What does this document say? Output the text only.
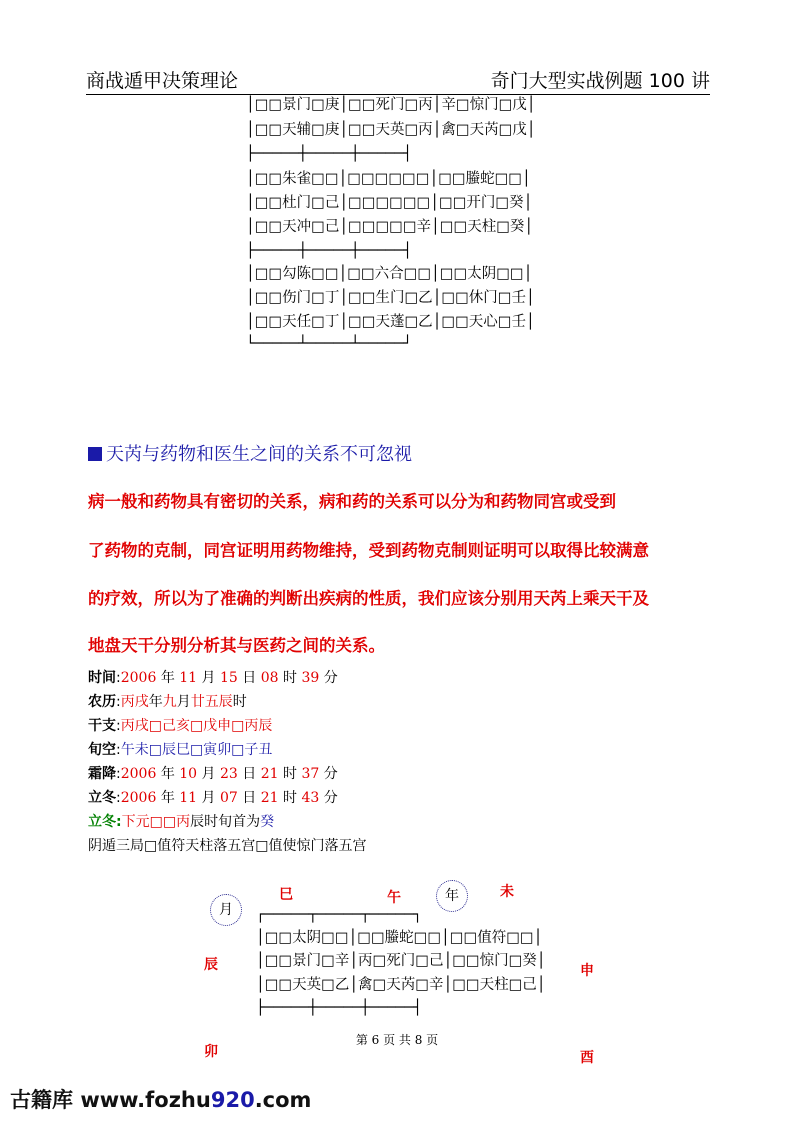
商战遁甲决策理论	奇门大型实战例题 100 讲
│□□景门□庚│□□死门□丙│辛□惊门□戊│
│□□天辅□庚│□□天英□丙│禽□天芮□戊│
├─────┼─────┼─────┤
│□□朱雀□□│□□□□□□│□□螣蛇□□│
│□□杜门□己│□□□□□□│□□开门□癸│
│□□天冲□己│□□□□□辛│□□天柱□癸│
├─────┼─────┼─────┤
│□□勾陈□□│□□六合□□│□□太阴□□│
│□□伤门□丁│□□生门□乙│□□休门□壬│
│□□天任□丁│□□天蓬□乙│□□天心□壬│
└─────┴─────┴─────┘
天芮与药物和医生之间的关系不可忽视
病一般和药物具有密切的关系，病和药的关系可以分为和药物同宫或受到
了药物的克制，同宫证明用药物维持，受到药物克制则证明可以取得比较满意
的疗效，所以为了准确的判断出疾病的性质，我们应该分别用天芮上乘天干及
地盘天干分别分析其与医药之间的关系。
时间:2006 年 11 月 15 日 08 时 39 分
农历:丙戌年九月廿五辰时
干支:丙戌□己亥□戊申□丙辰
旬空:午未□辰巳□寅卯□子丑
霜降:2006 年 10 月 23 日 21 时 37 分
立冬:2006 年 11 月 07 日 21 时 43 分
立冬:下元□□丙辰时旬首为癸
阴遁三局□值符天柱落五宫□值使惊门落五宫
月
年
巳	午	未
辰	申
卯	酉
┌─────┬─────┬─────┐
│□□太阴□□│□□螣蛇□□│□□值符□□│
│□□景门□辛│丙□死门□己│□□惊门□癸│
│□□天英□乙│禽□天芮□辛│□□天柱□己│
├─────┼─────┼─────┤
第 6 页 共 8 页
古籍库 www.fozhu920.com
